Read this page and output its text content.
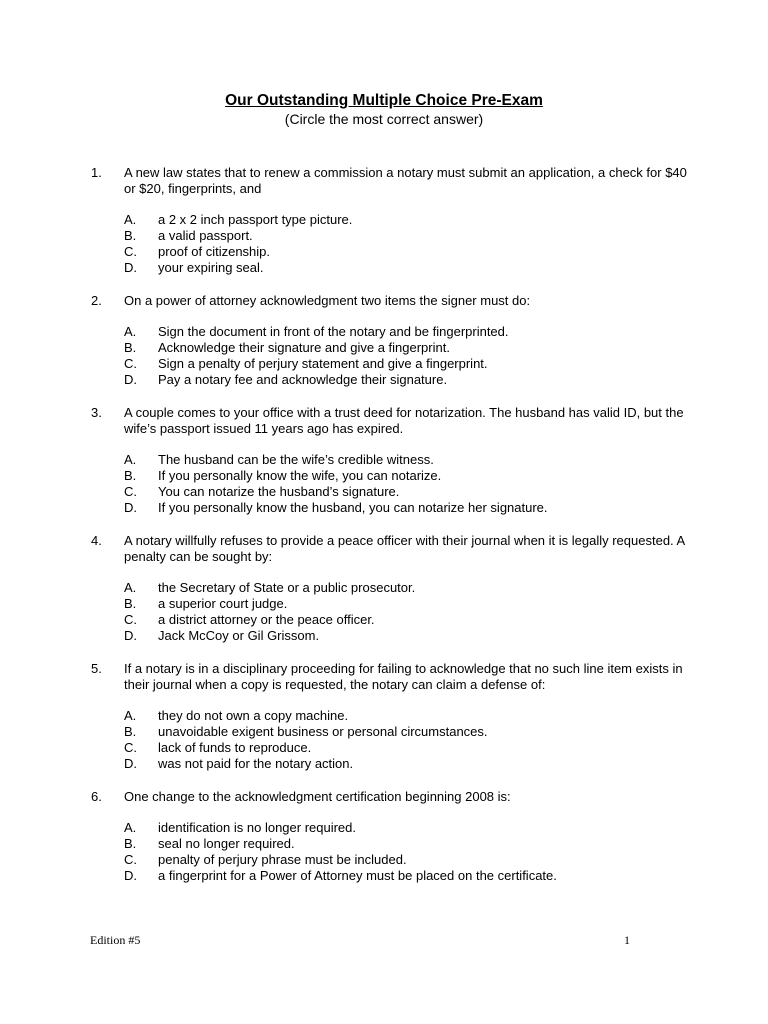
Our Outstanding Multiple Choice Pre-Exam
(Circle the most correct answer)
1. A new law states that to renew a commission a notary must submit an application, a check for $40 or $20, fingerprints, and
A. a 2 x 2 inch passport type picture.
B. a valid passport.
C. proof of citizenship.
D. your expiring seal.
2. On a power of attorney acknowledgment two items the signer must do:
A. Sign the document in front of the notary and be fingerprinted.
B. Acknowledge their signature and give a fingerprint.
C. Sign a penalty of perjury statement and give a fingerprint.
D. Pay a notary fee and acknowledge their signature.
3. A couple comes to your office with a trust deed for notarization. The husband has valid ID, but the wife’s passport issued 11 years ago has expired.
A. The husband can be the wife’s credible witness.
B. If you personally know the wife, you can notarize.
C. You can notarize the husband’s signature.
D. If you personally know the husband, you can notarize her signature.
4. A notary willfully refuses to provide a peace officer with their journal when it is legally requested. A penalty can be sought by:
A. the Secretary of State or a public prosecutor.
B. a superior court judge.
C. a district attorney or the peace officer.
D. Jack McCoy or Gil Grissom.
5. If a notary is in a disciplinary proceeding for failing to acknowledge that no such line item exists in their journal when a copy is requested, the notary can claim a defense of:
A. they do not own a copy machine.
B. unavoidable exigent business or personal circumstances.
C. lack of funds to reproduce.
D. was not paid for the notary action.
6. One change to the acknowledgment certification beginning 2008 is:
A. identification is no longer required.
B. seal no longer required.
C. penalty of perjury phrase must be included.
D. a fingerprint for a Power of Attorney must be placed on the certificate.
Edition #5	1
